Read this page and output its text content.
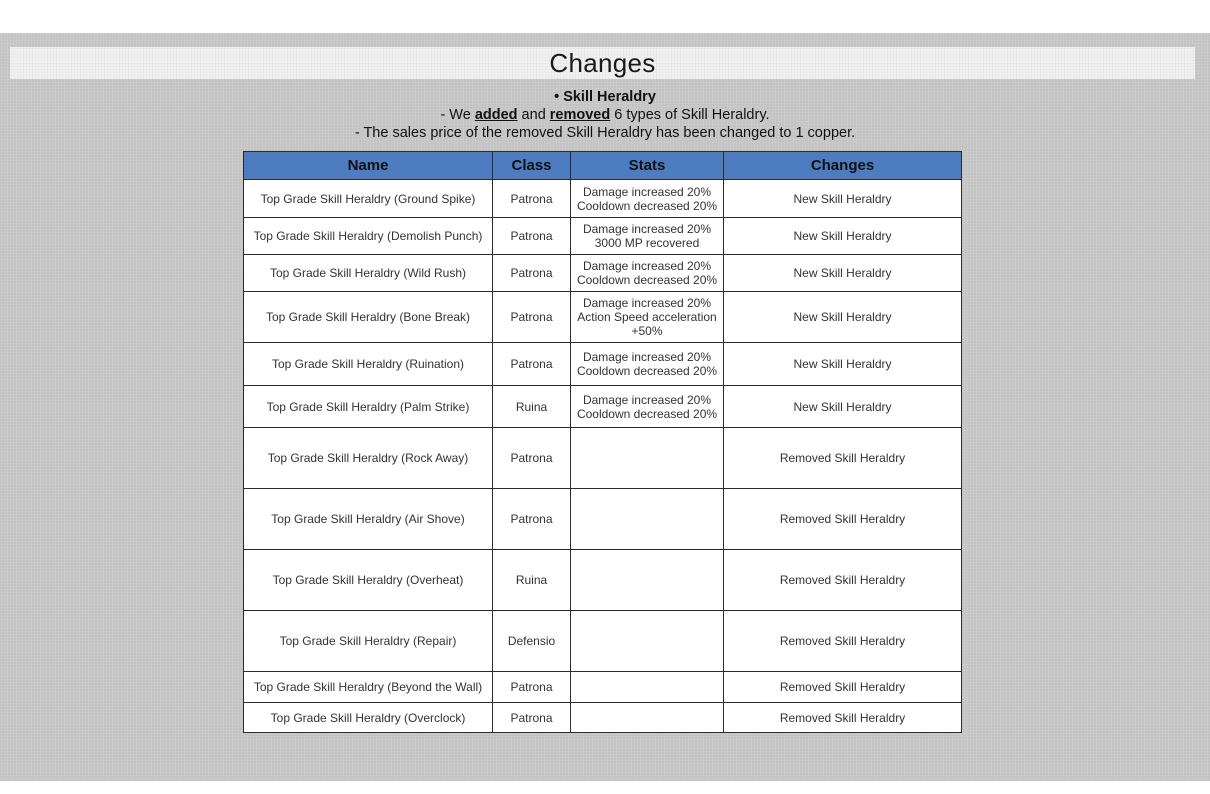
Changes
• Skill Heraldry
- We added and removed 6 types of Skill Heraldry.
- The sales price of the removed Skill Heraldry has been changed to 1 copper.
Name	Class	Stats	Changes
Top Grade Skill Heraldry (Ground Spike)	Patrona	Damage increased 20%
Cooldown decreased 20%	New Skill Heraldry
Top Grade Skill Heraldry (Demolish Punch)	Patrona	Damage increased 20%
3000 MP recovered	New Skill Heraldry
Top Grade Skill Heraldry (Wild Rush)	Patrona	Damage increased 20%
Cooldown decreased 20%	New Skill Heraldry
Top Grade Skill Heraldry (Bone Break)	Patrona	Damage increased 20%
Action Speed acceleration
+50%	New Skill Heraldry
Top Grade Skill Heraldry (Ruination)	Patrona	Damage increased 20%
Cooldown decreased 20%	New Skill Heraldry
Top Grade Skill Heraldry (Palm Strike)	Ruina	Damage increased 20%
Cooldown decreased 20%	New Skill Heraldry
Top Grade Skill Heraldry (Rock Away)	Patrona		Removed Skill Heraldry
Top Grade Skill Heraldry (Air Shove)	Patrona		Removed Skill Heraldry
Top Grade Skill Heraldry (Overheat)	Ruina		Removed Skill Heraldry
Top Grade Skill Heraldry (Repair)	Defensio		Removed Skill Heraldry
Top Grade Skill Heraldry (Beyond the Wall)	Patrona		Removed Skill Heraldry
Top Grade Skill Heraldry (Overclock)	Patrona		Removed Skill Heraldry
